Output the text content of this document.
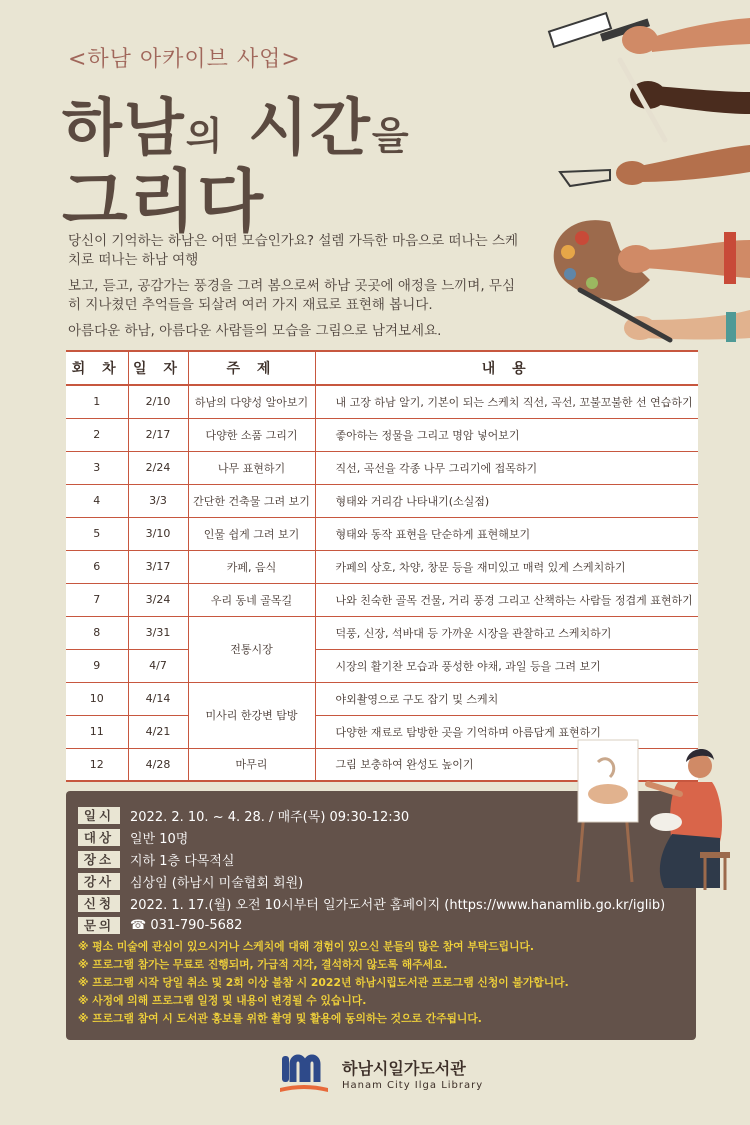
<하남 아카이브 사업>
하남의 시간을
그리다

당신이 기억하는 하남은 어떤 모습인가요? 설렘 가득한 마음으로 떠나는 스케치로 떠나는 하남 여행

보고, 듣고, 공감가는 풍경을 그려 봄으로써 하남 곳곳에 애정을 느끼며, 무심히 지나쳤던 추억들을 되살려 여러 가지 재료로 표현해 봅니다.

아름다운 하남, 아름다운 사람들의 모습을 그림으로 남겨보세요.

회 차	일 자	주 제	내 용
1	2/10	하남의 다양성 알아보기	내 고장 하남 알기, 기본이 되는 스케치 직선, 곡선, 꼬불꼬불한 선 연습하기
2	2/17	다양한 소품 그리기	좋아하는 정물을 그리고 명암 넣어보기
3	2/24	나무 표현하기	직선, 곡선을 각종 나무 그리기에 접목하기
4	3/3	간단한 건축물 그려 보기	형태와 거리감 나타내기(소실점)
5	3/10	인물 쉽게 그려 보기	형태와 동작 표현을 단순하게 표현해보기
6	3/17	카페, 음식	카페의 상호, 차양, 창문 등을 재미있고 매력 있게 스케치하기
7	3/24	우리 동네 골목길	나와 친숙한 골목 건물, 거리 풍경 그리고 산책하는 사람들 정겹게 표현하기
8	3/31	전통시장	덕풍, 신장, 석바대 등 가까운 시장을 관찰하고 스케치하기
9	4/7		시장의 활기찬 모습과 풍성한 야채, 과일 등을 그려 보기
10	4/14	미사리 한강변 탐방	야외촬영으로 구도 잡기 및 스케치
11	4/21		다양한 재료로 탐방한 곳을 기억하며 아름답게 표현하기
12	4/28	마무리	그림 보충하여 완성도 높이기
일시	2022. 2. 10. ~ 4. 28. / 매주(목) 09:30-12:30
대상	일반 10명
장소	지하 1층 다목적실
강사	심상임 (하남시 미술협회 회원)
신청	2022. 1. 17.(월) 오전 10시부터 일가도서관 홈페이지 (https://www.hanamlib.go.kr/iglib)
문의	☎ 031-790-5682
※ 평소 미술에 관심이 있으시거나 스케치에 대해 경험이 있으신 분들의 많은 참여 부탁드립니다.
※ 프로그램 참가는 무료로 진행되며, 가급적 지각, 결석하지 않도록 해주세요.
※ 프로그램 시작 당일 취소 및 2회 이상 불참 시 2022년 하남시립도서관 프로그램 신청이 불가합니다.
※ 사정에 의해 프로그램 일정 및 내용이 변경될 수 있습니다.
※ 프로그램 참여 시 도서관 홍보를 위한 촬영 및 활용에 동의하는 것으로 간주됩니다.
하남시일가도서관
Hanam City Ilga Library
